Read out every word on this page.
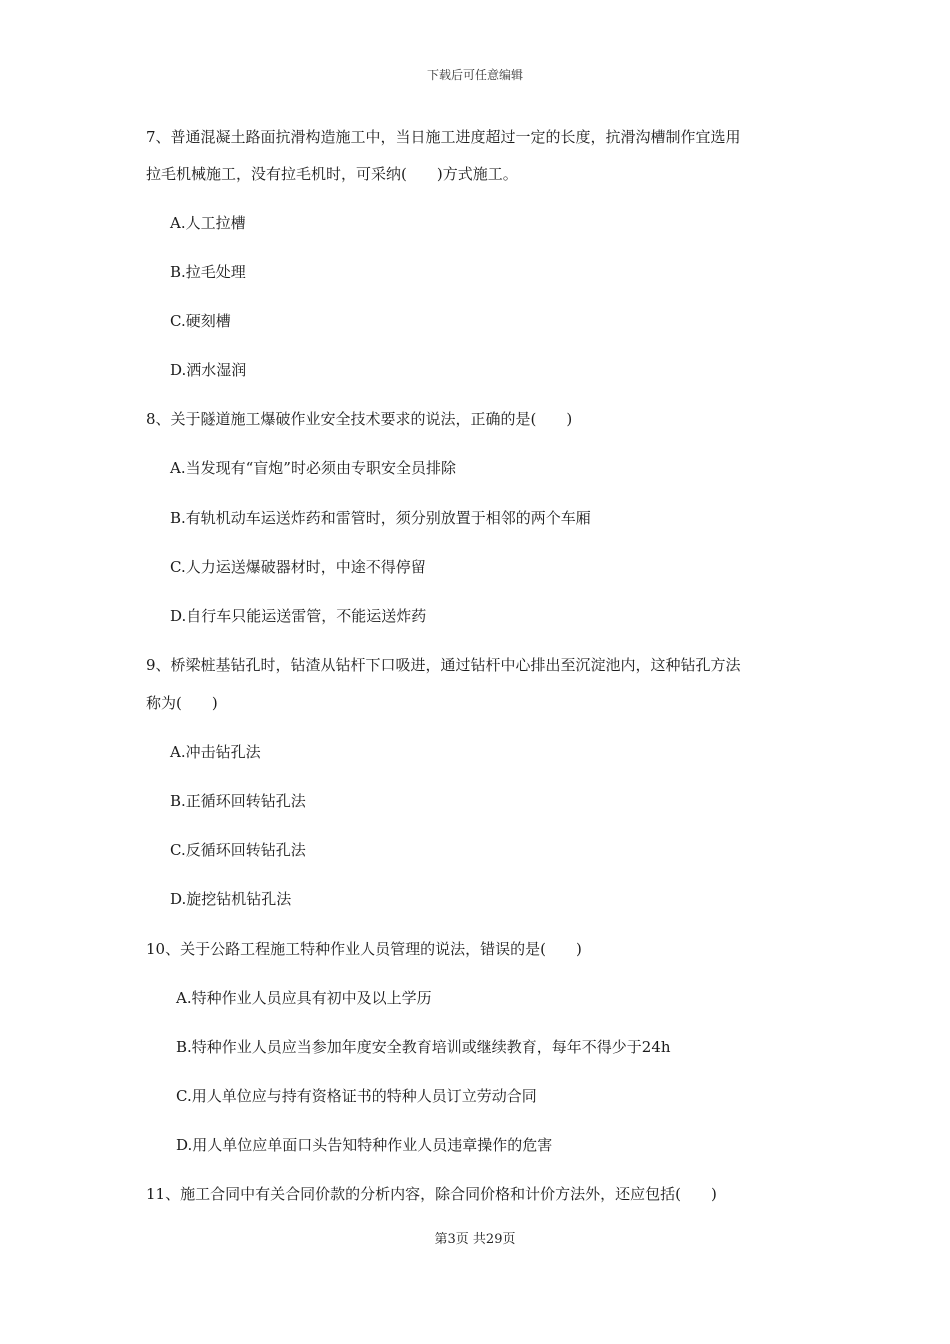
下载后可任意编辑
7、普通混凝土路面抗滑构造施工中，当日施工进度超过一定的长度，抗滑沟槽制作宜选用
拉毛机械施工，没有拉毛机时，可采纳(　　)方式施工。
A.人工拉槽
B.拉毛处理
C.硬刻槽
D.洒水湿润
8、关于隧道施工爆破作业安全技术要求的说法，正确的是(　　)
A.当发现有“盲炮”时必须由专职安全员排除
B.有轨机动车运送炸药和雷管时，须分别放置于相邻的两个车厢
C.人力运送爆破器材时，中途不得停留
D.自行车只能运送雷管，不能运送炸药
9、桥梁桩基钻孔时，钻渣从钻杆下口吸进，通过钻杆中心排出至沉淀池内，这种钻孔方法
称为(　　)
A.冲击钻孔法
B.正循环回转钻孔法
C.反循环回转钻孔法
D.旋挖钻机钻孔法
10、关于公路工程施工特种作业人员管理的说法，错误的是(　　)
A.特种作业人员应具有初中及以上学历
B.特种作业人员应当参加年度安全教育培训或继续教育，每年不得少于24h
C.用人单位应与持有资格证书的特种人员订立劳动合同
D.用人单位应单面口头告知特种作业人员违章操作的危害
11、施工合同中有关合同价款的分析内容，除合同价格和计价方法外，还应包括(　　)
第3页 共29页
